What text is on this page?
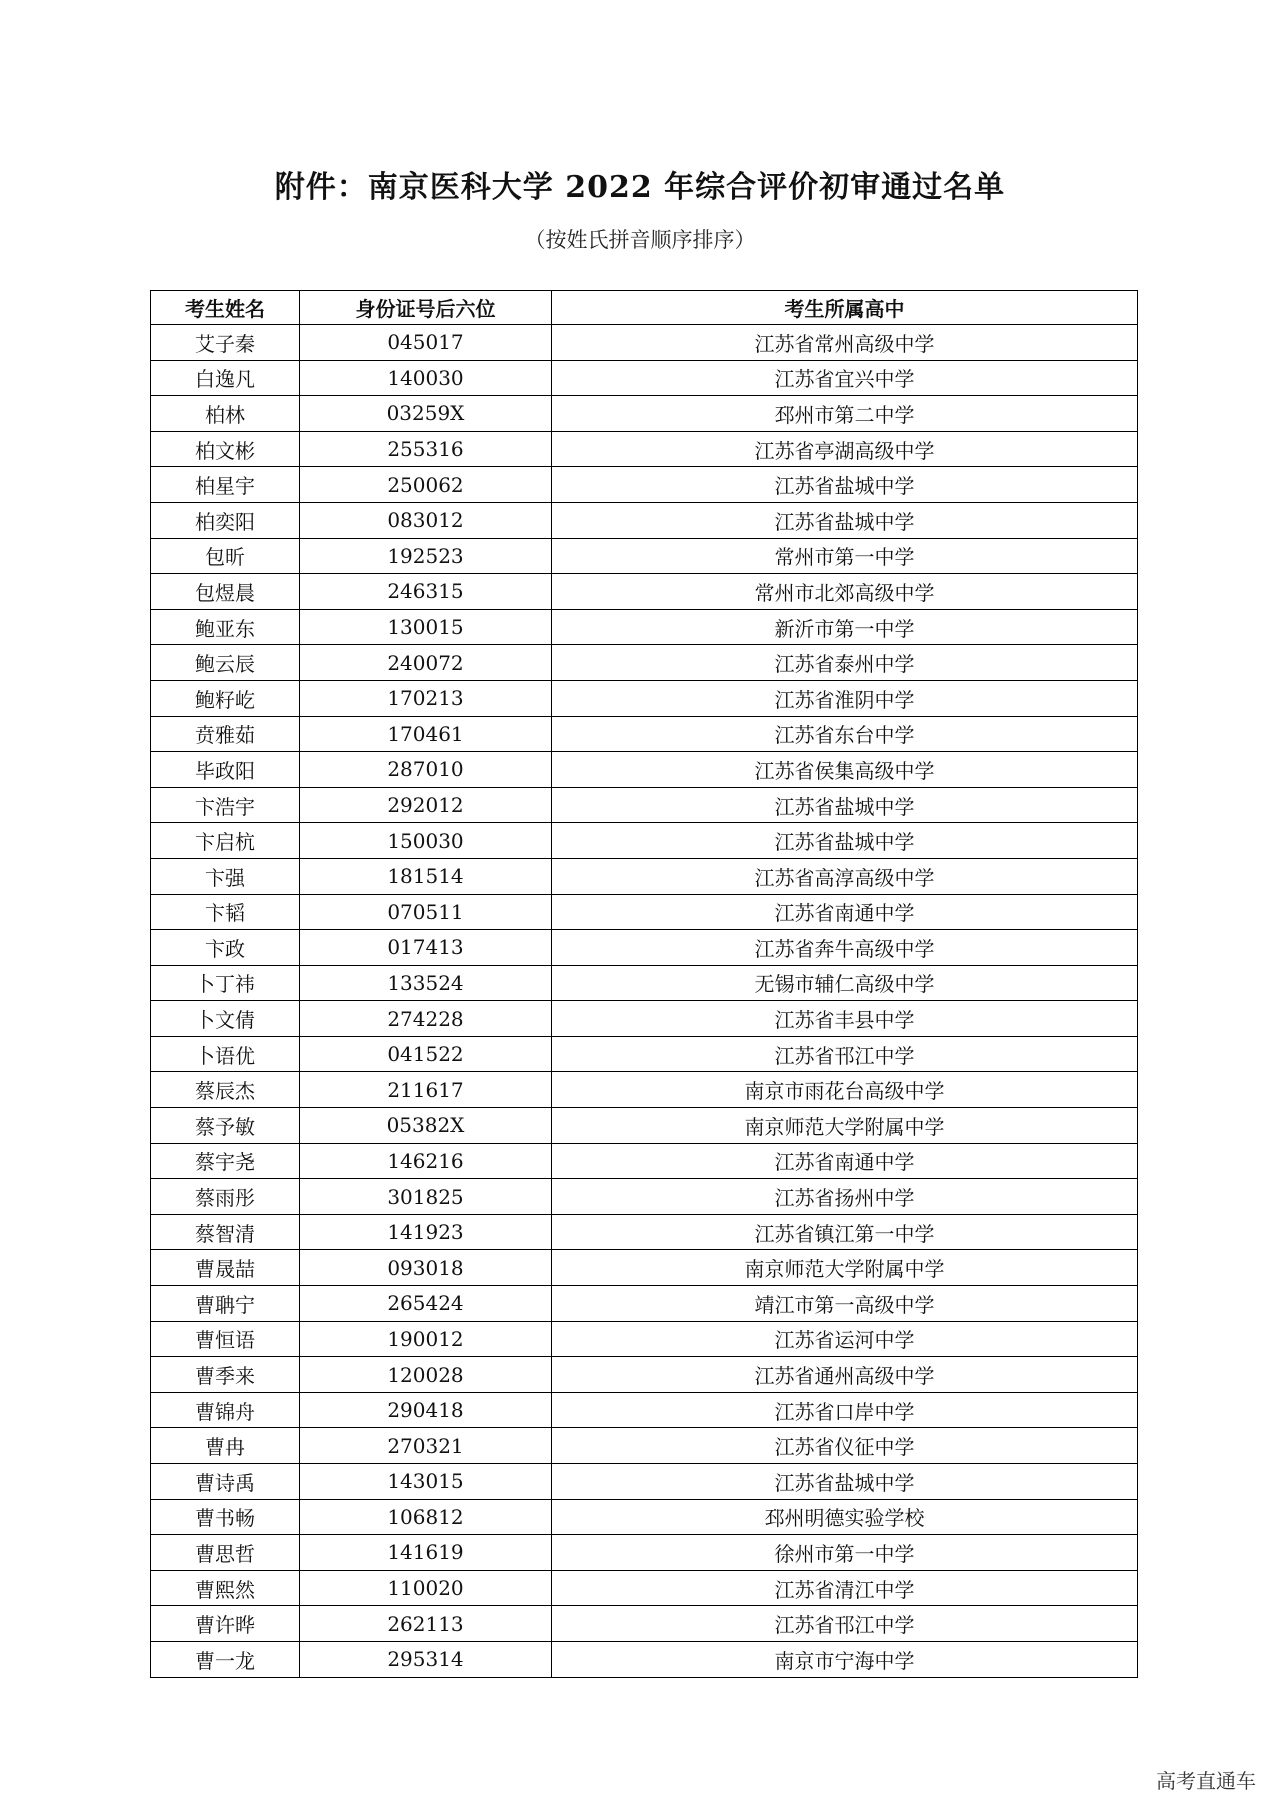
附件：南京医科大学 2022 年综合评价初审通过名单
（按姓氏拼音顺序排序）
考生姓名	身份证号后六位	考生所属高中
艾子秦	045017	江苏省常州高级中学
白逸凡	140030	江苏省宜兴中学
柏林	03259X	邳州市第二中学
柏文彬	255316	江苏省亭湖高级中学
柏星宇	250062	江苏省盐城中学
柏奕阳	083012	江苏省盐城中学
包昕	192523	常州市第一中学
包煜晨	246315	常州市北郊高级中学
鲍亚东	130015	新沂市第一中学
鲍云辰	240072	江苏省泰州中学
鲍籽屹	170213	江苏省淮阴中学
贲雅茹	170461	江苏省东台中学
毕政阳	287010	江苏省侯集高级中学
卞浩宇	292012	江苏省盐城中学
卞启杭	150030	江苏省盐城中学
卞强	181514	江苏省高淳高级中学
卞韬	070511	江苏省南通中学
卞政	017413	江苏省奔牛高级中学
卜丁祎	133524	无锡市辅仁高级中学
卜文倩	274228	江苏省丰县中学
卜语优	041522	江苏省邗江中学
蔡辰杰	211617	南京市雨花台高级中学
蔡予敏	05382X	南京师范大学附属中学
蔡宇尧	146216	江苏省南通中学
蔡雨彤	301825	江苏省扬州中学
蔡智清	141923	江苏省镇江第一中学
曹晟喆	093018	南京师范大学附属中学
曹聃宁	265424	靖江市第一高级中学
曹恒语	190012	江苏省运河中学
曹季来	120028	江苏省通州高级中学
曹锦舟	290418	江苏省口岸中学
曹冉	270321	江苏省仪征中学
曹诗禹	143015	江苏省盐城中学
曹书畅	106812	邳州明德实验学校
曹思哲	141619	徐州市第一中学
曹熙然	110020	江苏省清江中学
曹许晔	262113	江苏省邗江中学
曹一龙	295314	南京市宁海中学
高考直通车
